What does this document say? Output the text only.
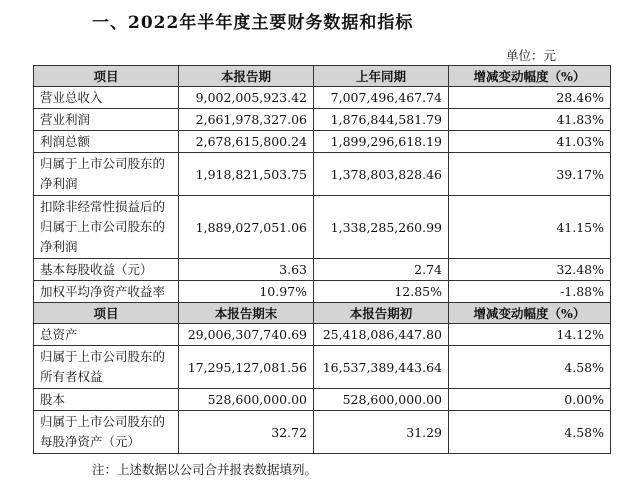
一、2022年半年度主要财务数据和指标
单位：元
项目	本报告期	上年同期	增减变动幅度（%）
营业总收入	9,002,005,923.42	7,007,496,467.74	28.46%
营业利润	2,661,978,327.06	1,876,844,581.79	41.83%
利润总额	2,678,615,800.24	1,899,296,618.19	41.03%
归属于上市公司股东的净利润	1,918,821,503.75	1,378,803,828.46	39.17%
扣除非经常性损益后的归属于上市公司股东的净利润	1,889,027,051.06	1,338,285,260.99	41.15%
基本每股收益（元）	3.63	2.74	32.48%
加权平均净资产收益率	10.97%	12.85%	-1.88%
项目	本报告期末	本报告期初	增减变动幅度（%）
总资产	29,006,307,740.69	25,418,086,447.80	14.12%
归属于上市公司股东的所有者权益	17,295,127,081.56	16,537,389,443.64	4.58%
股本	528,600,000.00	528,600,000.00	0.00%
归属于上市公司股东的每股净资产（元）	32.72	31.29	4.58%
注：上述数据以公司合并报表数据填列。
